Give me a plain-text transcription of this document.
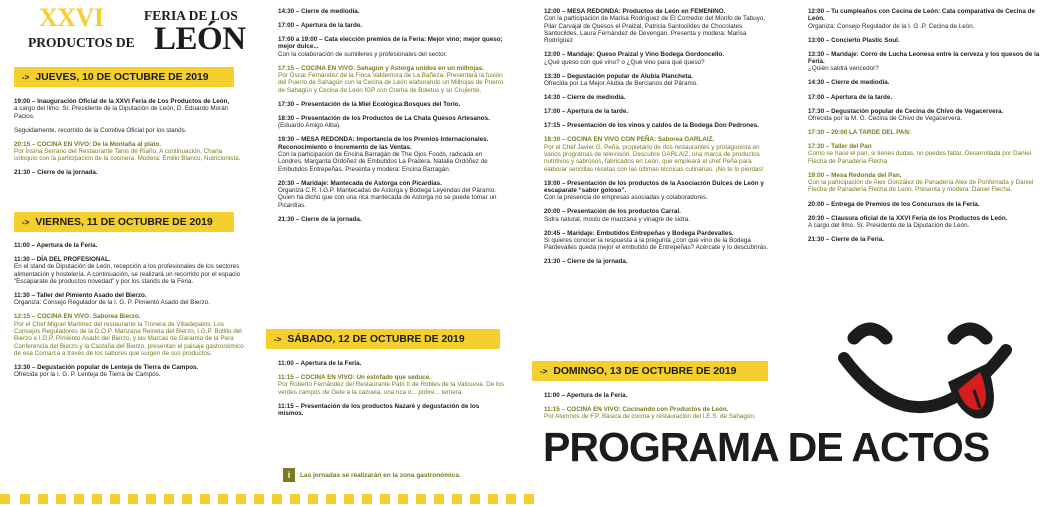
XXVI	FERIA DE LOS
PRODUCTOS DE LEÓN
-> JUEVES, 10 DE OCTUBRE DE 2019
19:00 – Inauguración Oficial de la XXVI Feria de Los Productos de León,
a cargo del Ilmo. Sr. Presidente de la Diputación de León, D. Eduardo Morán Pacios.
Seguidamente, recorrido de la Comitiva Oficial por los stands.
20:15 – COCINA EN VIVO: De la Montaña al plato.
Por Ínsina Serrano del Restaurante Tanis de Riaño. A continuación, Charla coloquio con la participación de la cocinera. Modera: Emilio Blanco, Nutricionista.
21:30 – Cierre de la jornada.
-> VIERNES, 11 DE OCTUBRE DE 2019
11:00 – Apertura de la Feria.
11:30 – DÍA DEL PROFESIONAL.
En el stand de Diputación de León, recepción a los profesionales de los sectores alimentación y hostelería. A continuación, se realizará un recorrido por el espacio “Escaparate de productos novedad” y por los stands de la Feria.
11:30 – Taller del Pimiento Asado del Bierzo.
Organiza: Consejo Regulador de la I. G. P. Pimiento Asado del Bierzo.
12:15 – COCINA EN VIVO: Saborea Bierzo.
Por el Chef Miguel Martínez del restaurante la Tronera de Villadepalos. Los Consejos Reguladores de la D.O.P. Manzana Reineta del Bierzo, I.G.P. Botillo del Bierzo e I.G.P. Pimiento Asado del Bierzo, y las Marcas de Garantía de la Pera Conferencia del Bierzo y la Castaña del Bierzo, presentan el paisaje gastronómico de esa Comarca a través de los sabores que surgen de sus productos.
13:30 – Degustación popular de Lenteja de Tierra de Campos.
Ofrecida por la I. G. P. Lenteja de Tierra de Campos.
14:30 – Cierre de mediodía.
17:00 – Apertura de la tarde.
17:00 a 19:00 – Cata elección premios de la Feria: Mejor vino; mejor queso; mejor dulce...
Con la colaboración de sumilleres y profesionales del sector.
17:15 – COCINA EN VIVO: Sahagún y Astorga unidos en un milhojas.
Por Óscar Fernández de la Finca Valdemora de La Bañeza. Presentará la fusión del Puerro de Sahagún con la Cecina de León elaborando un Milhojas de Puerro de Sahagún y Cecina de León IGP con Crema de Boletus y su Crujiente.
17:30 – Presentación de la Miel Ecológica Bosques del Torío.
18:30 – Presentación de los Productos de La Chata Quesos Artesanos.
(Eduardo Amigo Alba).
19:30 – MESA REDONDA: Importancia de los Premios Internacionales. Reconocimiento o Incremento de las Ventas.
Con la participación de Encina Barragán de The Ojos Foods, radicada en Londres. Margarita Ordóñez de Embutidos La Pradera, Natalia Ordóñez de Embutidos Entrepeñas. Presenta y modera: Encina Barragán.
20:30 – Maridaje: Mantecada de Astorga con Picardías.
Organiza C.R. I.G.P. Mantecadas de Astorga y Bodega Leyendas del Páramo. Quien ha dicho que con una rica mantecada de Astorga no se puede tomar un Picardías.
21:30 – Cierre de la jornada.
-> SÁBADO, 12 DE OCTUBRE DE 2019
11:00 – Apertura de la Feria.
11:15 – COCINA EN VIVO: Un estofado que seduce.
Por Roberto Fernández del Restaurante Patri II de Robles de la Valcueva. De los verdes campos de Gete a la cazuela, una rica o... pobre... ternera.
11:15 – Presentación de los productos Nazaré y degustación de los mismos.
i	Las jornadas se realizarán en la zona gastronómica.
12:00 – MESA REDONDA: Productos de León en FEMENINO.
Con la participación de Marisa Rodríguez de El Comedor del Monfo de Tabuyo, Pilar Carvajal de Quesos el Praizal, Patricia Santocildes de Chocolates Santocildes, Laura Fernández de Devengan. Presenta y modera: Marisa Rodríguez
13:00 – Maridaje: Queso Praizal y Vino Bodega Gordoncello.
¿Qué queso con qué vino? o ¿Qué vino para qué queso?
13:30 – Degustación popular de Alubia Plancheta.
Ofrecida por La Mejor Alubia de Bercianos del Páramo.
14:30 – Cierre de mediodía.
17:00 – Apertura de la tarde.
17:15 – Presentación de los vinos y caldos de la Bodega Don Pedrones.
18:30 – COCINA EN VIVO CON PEÑA: Saborea GARLAIZ.
Por el Chef Javier G. Peña, propietario de dos restaurantes y protagonista en varios programas de televisión. Descubre GARLAIZ, una marca de productos nutritivos y sabrosos, fabricados en León, que empleará el chef Peña para elaborar sencillas recetas con las últimas técnicas culinarias. ¡No te lo pierdas!
19:00 – Presentación de los productos de la Asociación Dulces de León y escaparate “sabor goloso”.
Con la presencia de empresas asociadas y colaboradores.
20:00 – Presentación de los productos Carral.
Sidra natural, mosto de manzana y vinagre de sidra.
20:45 – Maridaje: Embutidos Entrepeñas y Bodega Pardevalles.
Si quieres conocer la respuesta a la pregunta ¿con qué vino de la Bodega Pardevalles queda mejor el embutido de Entrepeñas? Acércate y lo descubrirás.
21:30 – Cierre de la jornada.
-> DOMINGO, 13 DE OCTUBRE DE 2019
11:00 – Apertura de la Feria.
11:15 – COCINA EN VIVO: Cocinando con Productos de León.
Por Alumnos de F.P. Básica de cocina y restauración del I.E.S. de Sahagún.
12:00 – Tu cumpleaños con Cecina de León: Cata comparativa de Cecina de León.
Organiza: Consejo Regulador de la I. G .P. Cecina de León.
13:00 – Concierto Plastic Soul.
13:30 – Maridaje: Corro de Lucha Leonesa entre la cerveza y los quesos de la Feria.
¿Quién saldrá vencedor?
14:30 – Cierre de mediodía.
17:00 – Apertura de la tarde.
17:30 – Degustación popular de Cecina de Chivo de Vegacervera.
Ofrecida por la M. G. Cecina de Chivo de Vegacervera.
17:30 – 20:00 LA TARDE DEL PAN:
17:30 – Taller del Pan
Como se hace el pan, si tienes dudas, no puedes faltar. Desarrollada por Daniel Flecha de Panadería Flecha
19:00 – Mesa Redonda del Pan.
Con la participación de Alex González de Panadería Alex de Ponferrada y Daniel Flecha de Panadería Flecha de León. Presenta y modera: Daniel Flecha.
20:00 – Entrega de Premios de los Concursos de la Feria.
20:30 – Clausura oficial de la XXVI Feria de los Productos de León.
A cargo del Ilmo. Sr. Presidente de la Diputación de León.
21:30 – Cierre de la Feria.
PROGRAMA DE ACTOS
